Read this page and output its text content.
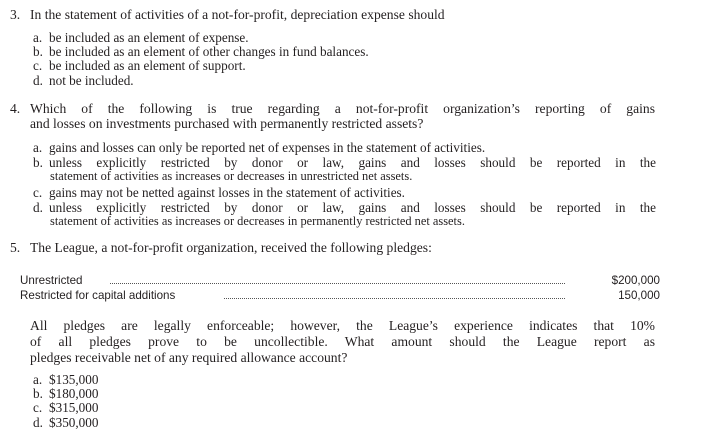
3. In the statement of activities of a not-for-profit, depreciation expense should
a. be included as an element of expense.
b. be included as an element of other changes in fund balances.
c. be included as an element of support.
d. not be included.
4. Which of the following is true regarding a not-for-profit organization’s reporting of gains
and losses on investments purchased with permanently restricted assets?
a. gains and losses can only be reported net of expenses in the statement of activities.
b. unless explicitly restricted by donor or law, gains and losses should be reported in the
statement of activities as increases or decreases in unrestricted net assets.
c. gains may not be netted against losses in the statement of activities.
d. unless explicitly restricted by donor or law, gains and losses should be reported in the
statement of activities as increases or decreases in permanently restricted net assets.
5. The League, a not-for-profit organization, received the following pledges:
Unrestricted	$200,000
Restricted for capital additions	150,000
All pledges are legally enforceable; however, the League’s experience indicates that 10%
of all pledges prove to be uncollectible. What amount should the League report as
pledges receivable net of any required allowance account?
a. $135,000
b. $180,000
c. $315,000
d. $350,000
